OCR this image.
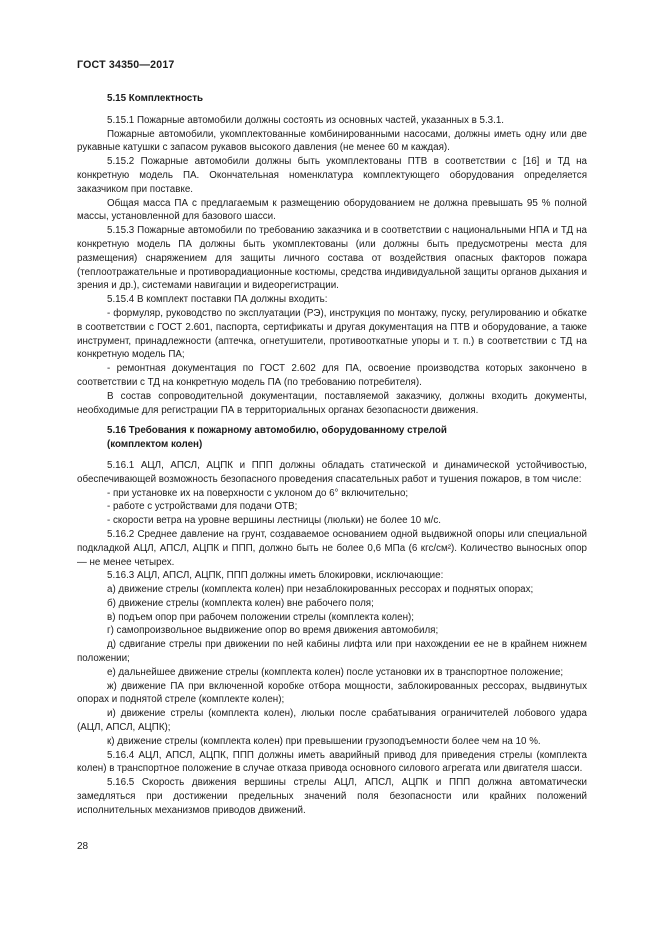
ГОСТ 34350—2017
5.15 Комплектность

5.15.1 Пожарные автомобили должны состоять из основных частей, указанных в 5.3.1.

Пожарные автомобили, укомплектованные комбинированными насосами, должны иметь одну или две рукавные катушки с запасом рукавов высокого давления (не менее 60 м каждая).

5.15.2 Пожарные автомобили должны быть укомплектованы ПТВ в соответствии с [16] и ТД на конкретную модель ПА. Окончательная номенклатура комплектующего оборудования определяется заказчиком при поставке.

Общая масса ПА с предлагаемым к размещению оборудованием не должна превышать 95 % полной массы, установленной для базового шасси.

5.15.3 Пожарные автомобили по требованию заказчика и в соответствии с национальными НПА и ТД на конкретную модель ПА должны быть укомплектованы (или должны быть предусмотрены места для размещения) снаряжением для защиты личного состава от воздействия опасных факторов пожара (теплоотражательные и противорадиационные костюмы, средства индивидуальной защиты органов дыхания и зрения и др.), системами навигации и видеорегистрации.

5.15.4 В комплект поставки ПА должны входить:

- формуляр, руководство по эксплуатации (РЭ), инструкция по монтажу, пуску, регулированию и обкатке в соответствии с ГОСТ 2.601, паспорта, сертификаты и другая документация на ПТВ и оборудование, а также инструмент, принадлежности (аптечка, огнетушители, противооткатные упоры и т. п.) в соответствии с ТД на конкретную модель ПА;

- ремонтная документация по ГОСТ 2.602 для ПА, освоение производства которых закончено в соответствии с ТД на конкретную модель ПА (по требованию потребителя).

В состав сопроводительной документации, поставляемой заказчику, должны входить документы, необходимые для регистрации ПА в территориальных органах безопасности движения.

5.16 Требования к пожарному автомобилю, оборудованному стрелой
(комплектом колен)

5.16.1 АЦЛ, АПСЛ, АЦПК и ППП должны обладать статической и динамической устойчивостью, обеспечивающей возможность безопасного проведения спасательных работ и тушения пожаров, в том числе:

- при установке их на поверхности с уклоном до 6° включительно;

- работе с устройствами для подачи ОТВ;

- скорости ветра на уровне вершины лестницы (люльки) не более 10 м/с.

5.16.2 Среднее давление на грунт, создаваемое основанием одной выдвижной опоры или специальной подкладкой АЦЛ, АПСЛ, АЦПК и ППП, должно быть не более 0,6 МПа (6 кгс/см²). Количество выносных опор — не менее четырех.

5.16.3 АЦЛ, АПСЛ, АЦПК, ППП должны иметь блокировки, исключающие:

а) движение стрелы (комплекта колен) при незаблокированных рессорах и поднятых опорах;

б) движение стрелы (комплекта колен) вне рабочего поля;

в) подъем опор при рабочем положении стрелы (комплекта колен);

г) самопроизвольное выдвижение опор во время движения автомобиля;

д) сдвигание стрелы при движении по ней кабины лифта или при нахождении ее не в крайнем нижнем положении;

е) дальнейшее движение стрелы (комплекта колен) после установки их в транспортное положение;

ж) движение ПА при включенной коробке отбора мощности, заблокированных рессорах, выдвинутых опорах и поднятой стреле (комплекте колен);

и) движение стрелы (комплекта колен), люльки после срабатывания ограничителей лобового удара (АЦЛ, АПСЛ, АЦПК);

к) движение стрелы (комплекта колен) при превышении грузоподъемности более чем на 10 %.

5.16.4 АЦЛ, АПСЛ, АЦПК, ППП должны иметь аварийный привод для приведения стрелы (комплекта колен) в транспортное положение в случае отказа привода основного силового агрегата или двигателя шасси.

5.16.5 Скорость движения вершины стрелы АЦЛ, АПСЛ, АЦПК и ППП должна автоматически замедляться при достижении предельных значений поля безопасности или крайних положений исполнительных механизмов приводов движений.

28
